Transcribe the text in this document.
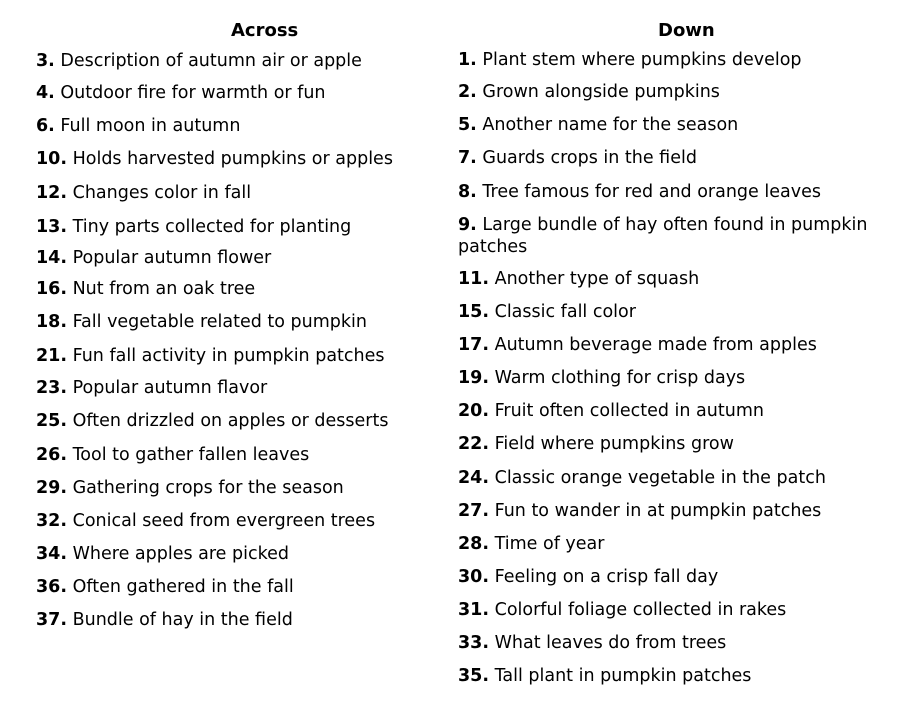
Across
3. Description of autumn air or apple
4. Outdoor fire for warmth or fun
6. Full moon in autumn
10. Holds harvested pumpkins or apples
12. Changes color in fall
13. Tiny parts collected for planting
14. Popular autumn flower
16. Nut from an oak tree
18. Fall vegetable related to pumpkin
21. Fun fall activity in pumpkin patches
23. Popular autumn flavor
25. Often drizzled on apples or desserts
26. Tool to gather fallen leaves
29. Gathering crops for the season
32. Conical seed from evergreen trees
34. Where apples are picked
36. Often gathered in the fall
37. Bundle of hay in the field
Down
1. Plant stem where pumpkins develop
2. Grown alongside pumpkins
5. Another name for the season
7. Guards crops in the field
8. Tree famous for red and orange leaves
9. Large bundle of hay often found in pumpkin patches
11. Another type of squash
15. Classic fall color
17. Autumn beverage made from apples
19. Warm clothing for crisp days
20. Fruit often collected in autumn
22. Field where pumpkins grow
24. Classic orange vegetable in the patch
27. Fun to wander in at pumpkin patches
28. Time of year
30. Feeling on a crisp fall day
31. Colorful foliage collected in rakes
33. What leaves do from trees
35. Tall plant in pumpkin patches
